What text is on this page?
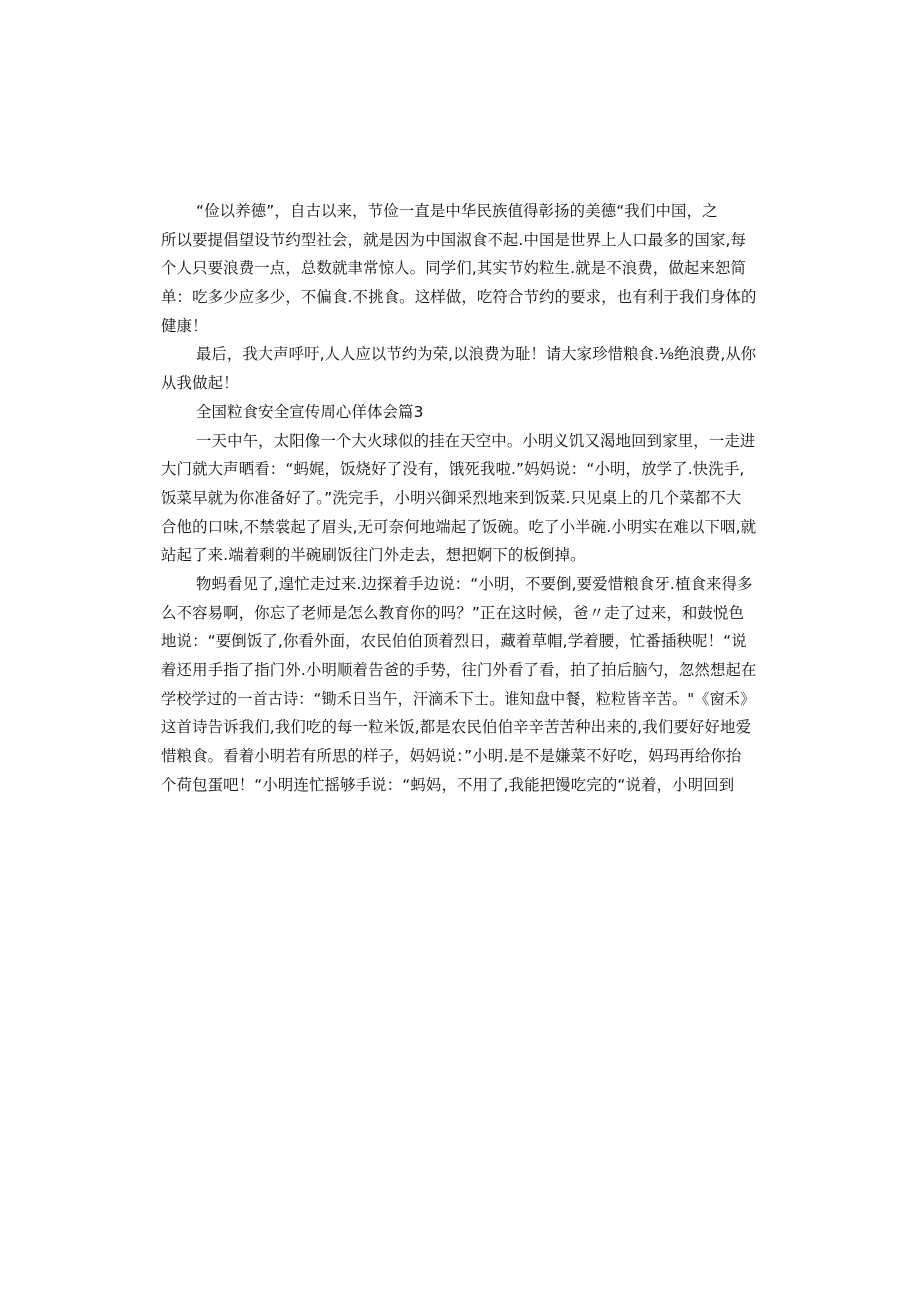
“俭以养德”，自古以来，节俭一直是中华民族值得彰扬的美德“我们中国，之
所以要提倡望设节约型社会，就是因为中国淑食不起.中国是世界上人口最多的国家,每
个人只要浪费一点，总数就聿常惊人。同学们,其实节妁粒生.就是不浪费，做起来恕简
单：吃多少应多少，不偏食.不挑食。这样做，吃符合节约的要求，也有利于我们身体的
健康！
最后，我大声呼吁,人人应以节约为荣,以浪费为耻！请大家珍惜粮食.⅛绝浪费,从你
从我做起！
全国粒食安全宣传周心佯体会篇3
一天中午，太阳像一个大火球似的挂在天空中。小明义饥又渴地回到家里，一走进
大门就大声晒看：“蚂娓，饭烧好了没有，饿死我啦.”妈妈说：“小明，放学了.快洗手,
饭菜早就为你准备好了。”洗完手，小明兴御采烈地来到饭菜.只见桌上的几个菜都不大
合他的口味,不禁裳起了眉头,无可奈何地端起了饭碗。吃了小半碗.小明实在难以下咽,就
站起了来.端着剩的半碗刷饭往门外走去，想把婀下的板倒掉。
物蚂看见了,遑忙走过来.边探着手边说：“小明，不要倒,要爱惜粮食牙.植食来得多
么不容易啊，你忘了老师是怎么教育你的吗？”正在这时候，爸〃走了过来，和鼓悦色
地说：“要倒饭了,你看外面，农民伯伯顶着烈日，藏着草帽,学着腰，忙番插秧呢！“说
着还用手指了指门外.小明顺着告爸的手势，往门外看了看，拍了拍后脑勺，忽然想起在
学校学过的一首古诗：“锄禾日当午，汗滴禾下士。谁知盘中餐，粒粒皆辛苦。"《窗禾》
这首诗告诉我们,我们吃的每一粒米饭,都是农民伯伯辛辛苦苦种出来的,我们要好好地爱
惜粮食。看着小明若有所思的样子，妈妈说：”小明.是不是嫌菜不好吃，妈玛再给你抬
个荷包蛋吧！“小明连忙摇够手说：“蚂妈，不用了,我能把馒吃完的“说着，小明回到
